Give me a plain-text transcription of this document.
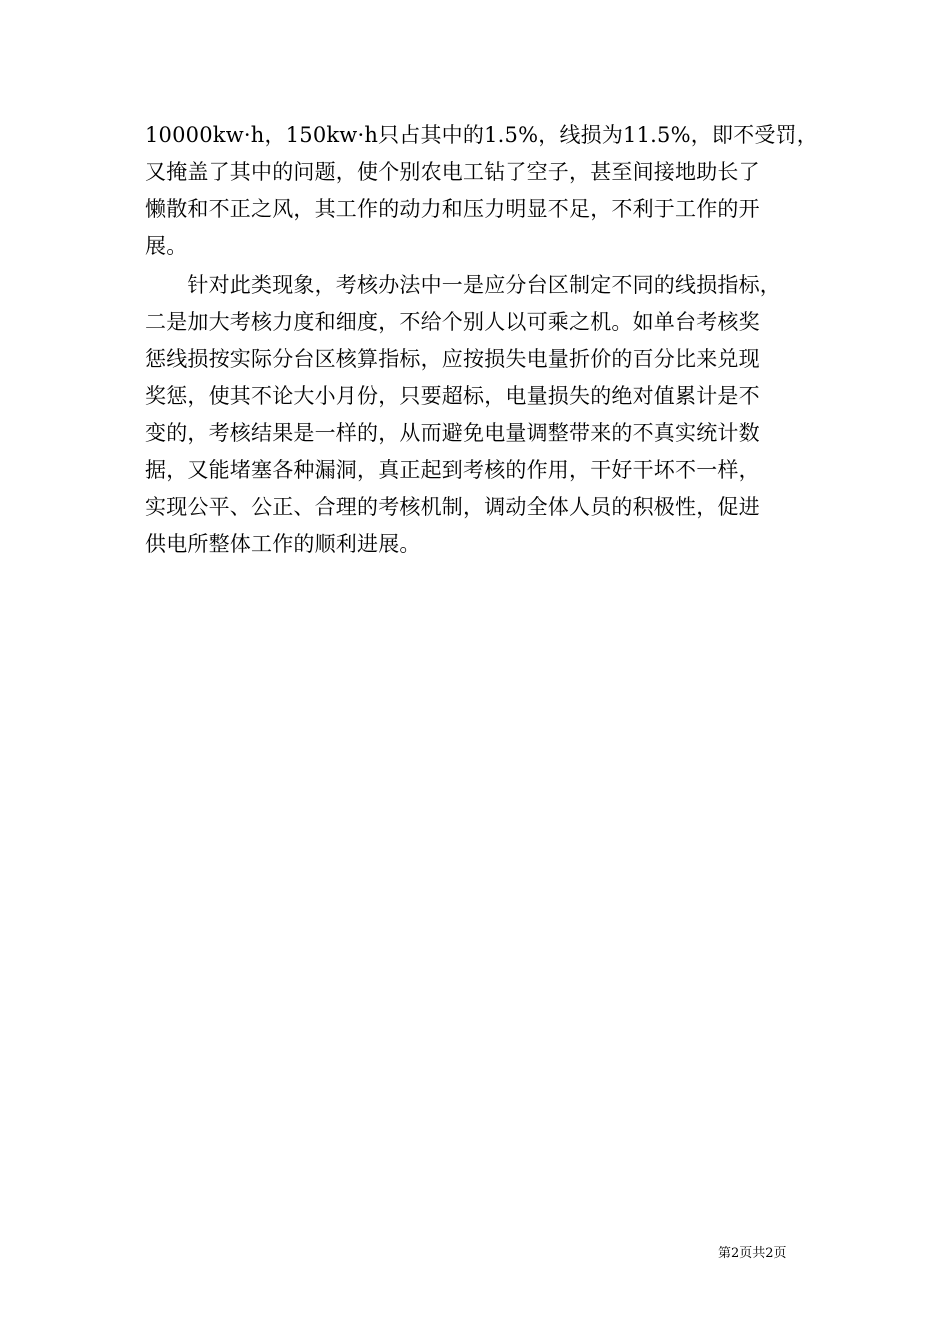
10000kw·h，150kw·h只占其中的1.5%，线损为11.5%，即不受罚，
又掩盖了其中的问题，使个别农电工钻了空子，甚至间接地助长了
懒散和不正之风，其工作的动力和压力明显不足，不利于工作的开
展。
　　针对此类现象，考核办法中一是应分台区制定不同的线损指标，
二是加大考核力度和细度，不给个别人以可乘之机。如单台考核奖
惩线损按实际分台区核算指标，应按损失电量折价的百分比来兑现
奖惩，使其不论大小月份，只要超标，电量损失的绝对值累计是不
变的，考核结果是一样的，从而避免电量调整带来的不真实统计数
据，又能堵塞各种漏洞，真正起到考核的作用，干好干坏不一样，
实现公平、公正、合理的考核机制，调动全体人员的积极性，促进
供电所整体工作的顺利进展。
第2页共2页
